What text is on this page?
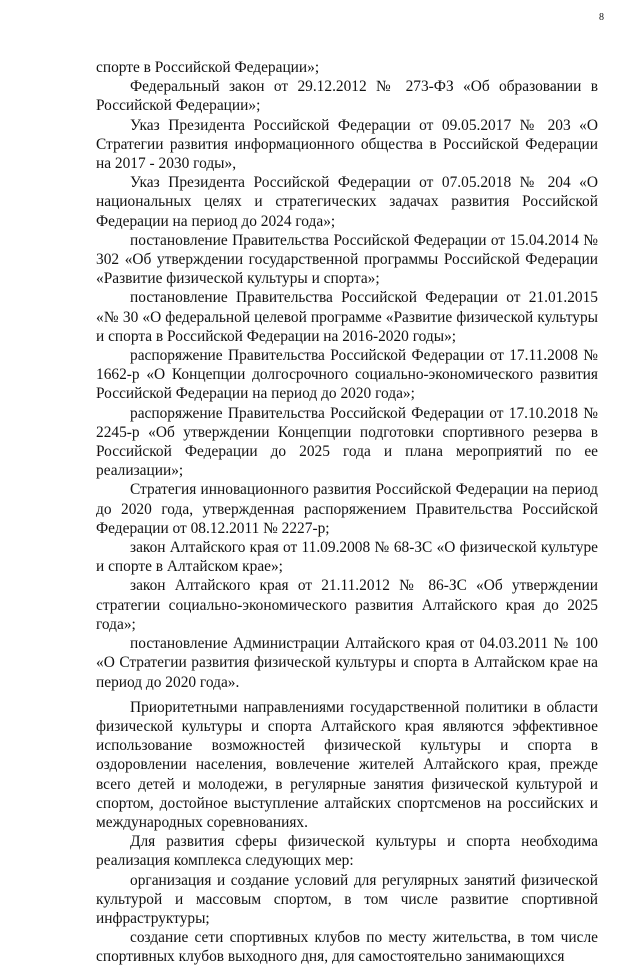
8

спорте в Российской Федерации»;

Федеральный закон от 29.12.2012 № 273-ФЗ «Об образовании в Российской Федерации»;

Указ Президента Российской Федерации от 09.05.2017 № 203 «О Стратегии развития информационного общества в Российской Федерации на 2017 - 2030 годы»,

Указ Президента Российской Федерации от 07.05.2018 № 204 «О национальных целях и стратегических задачах развития Российской Федерации на период до 2024 года»;

постановление Правительства Российской Федерации от 15.04.2014 № 302 «Об утверждении государственной программы Российской Федерации «Развитие физической культуры и спорта»;

постановление Правительства Российской Федерации от 21.01.2015 «№ 30 «О федеральной целевой программе «Развитие физической культуры и спорта в Российской Федерации на 2016-2020 годы»;

распоряжение Правительства Российской Федерации от 17.11.2008 № 1662-р «О Концепции долгосрочного социально-экономического развития Российской Федерации на период до 2020 года»;

распоряжение Правительства Российской Федерации от 17.10.2018 № 2245-р «Об утверждении Концепции подготовки спортивного резерва в Российской Федерации до 2025 года и плана мероприятий по ее реализации»;

Стратегия инновационного развития Российской Федерации на период до 2020 года, утвержденная распоряжением Правительства Российской Федерации от 08.12.2011 № 2227-р;

закон Алтайского края от 11.09.2008 № 68-ЗС «О физической культуре и спорте в Алтайском крае»;

закон Алтайского края от 21.11.2012 № 86-ЗС «Об утверждении стратегии социально-экономического развития Алтайского края до 2025 года»;

постановление Администрации Алтайского края от 04.03.2011 № 100 «О Стратегии развития физической культуры и спорта в Алтайском крае на период до 2020 года».

Приоритетными направлениями государственной политики в области физической культуры и спорта Алтайского края являются эффективное использование возможностей физической культуры и спорта в оздоровлении населения, вовлечение жителей Алтайского края, прежде всего детей и молодежи, в регулярные занятия физической культурой и спортом, достойное выступление алтайских спортсменов на российских и международных соревнованиях.

Для развития сферы физической культуры и спорта необходима реализация комплекса следующих мер:

организация и создание условий для регулярных занятий физической культурой и массовым спортом, в том числе развитие спортивной инфраструктуры;

создание сети спортивных клубов по месту жительства, в том числе спортивных клубов выходного дня, для самостоятельно занимающихся
